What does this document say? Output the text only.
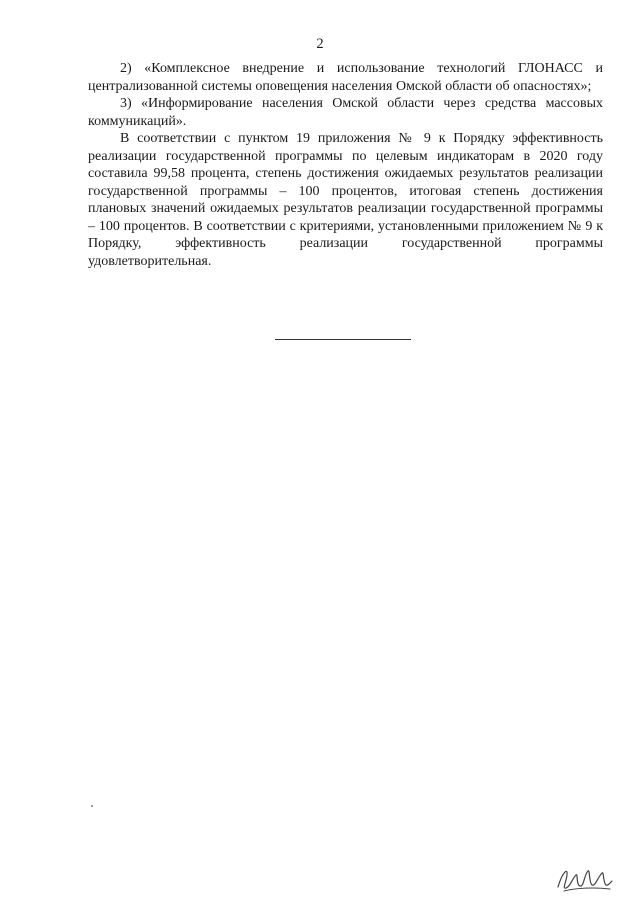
2

2) «Комплексное внедрение и использование технологий ГЛОНАСС и централизованной системы оповещения населения Омской области об опасностях»;

3) «Информирование населения Омской области через средства массовых коммуникаций».

В соответствии с пунктом 19 приложения № 9 к Порядку эффективность реализации государственной программы по целевым индикаторам в 2020 году составила 99,58 процента, степень достижения ожидаемых результатов реализации государственной программы – 100 процентов, итоговая степень достижения плановых значений ожидаемых результатов реализации государственной программы – 100 процентов. В соответствии с критериями, установленными приложением № 9 к Порядку, эффективность реализации государственной программы удовлетворительная.
